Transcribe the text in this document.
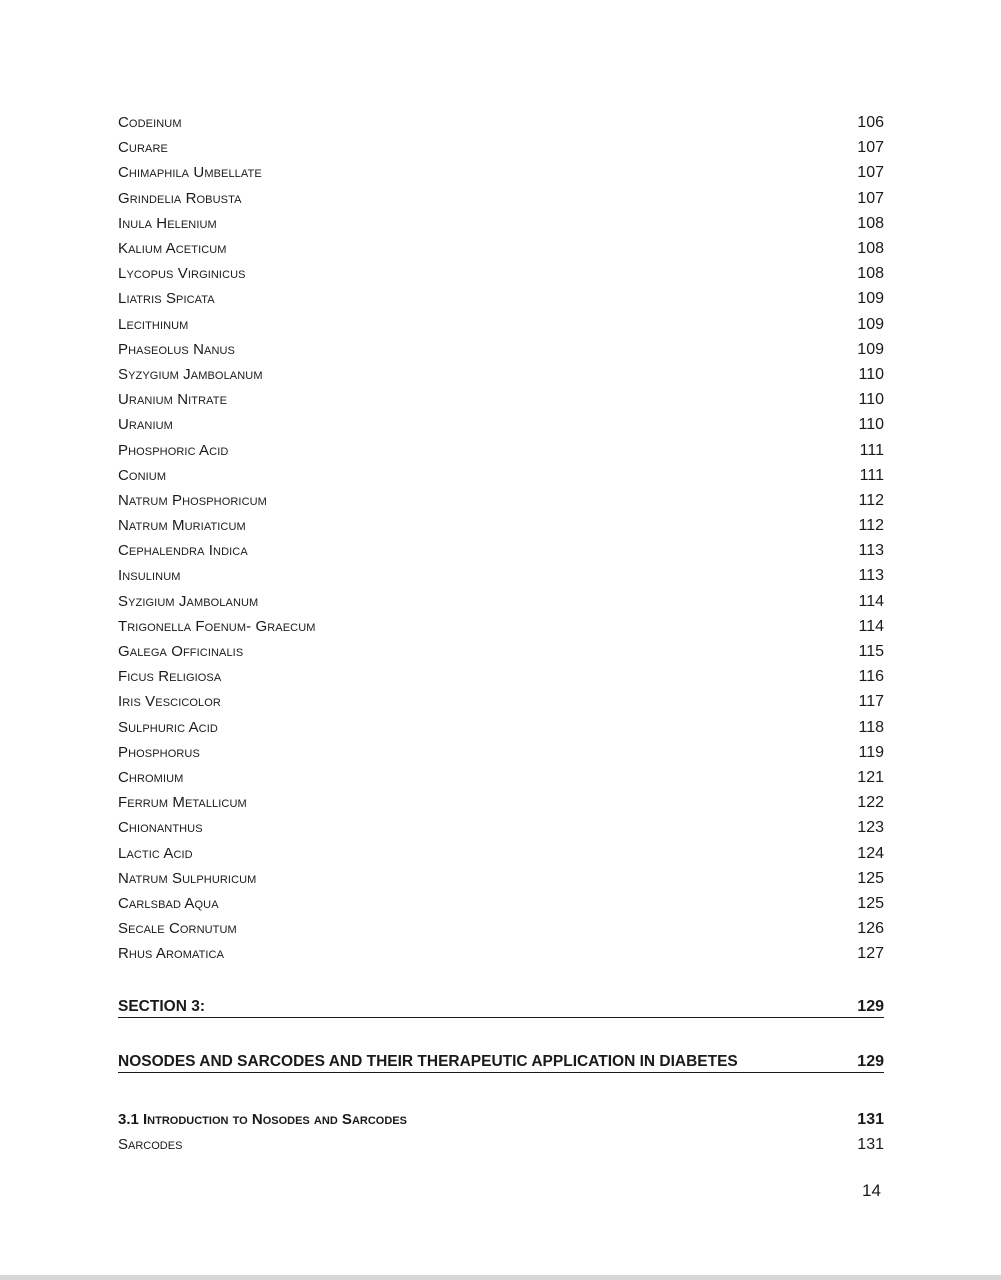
Codeinum	106
Curare	107
Chimaphila Umbellate	107
Grindelia Robusta	107
Inula Helenium	108
Kalium Aceticum	108
Lycopus Virginicus	108
Liatris Spicata	109
Lecithinum	109
Phaseolus Nanus	109
Syzygium Jambolanum	110
Uranium Nitrate	110
Uranium	110
Phosphoric Acid	111
Conium	111
Natrum Phosphoricum	112
Natrum Muriaticum	112
Cephalendra Indica	113
Insulinum	113
Syzigium Jambolanum	114
Trigonella Foenum- Graecum	114
Galega Officinalis	115
Ficus Religiosa	116
Iris Vescicolor	117
Sulphuric Acid	118
Phosphorus	119
Chromium	121
Ferrum Metallicum	122
Chionanthus	123
Lactic Acid	124
Natrum Sulphuricum	125
Carlsbad Aqua	125
Secale Cornutum	126
Rhus Aromatica	127
SECTION 3:	129
NOSODES AND SARCODES AND THEIR THERAPEUTIC APPLICATION IN DIABETES	129
3.1 Introduction to Nosodes and Sarcodes	131
Sarcodes	131
14
